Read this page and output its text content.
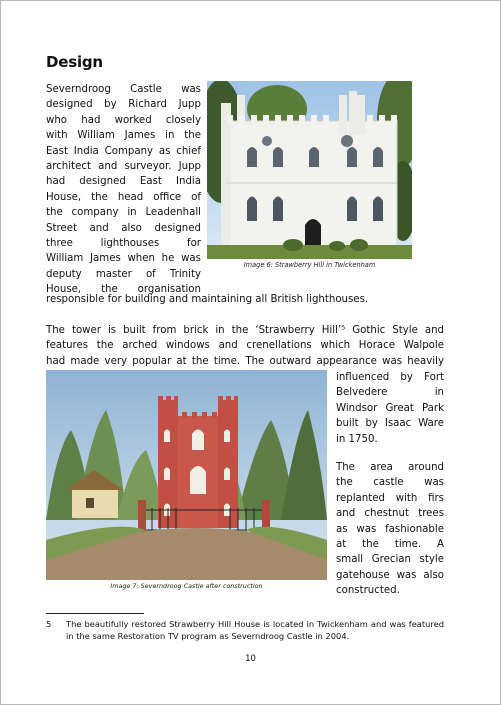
Design
Severndroog Castle was
designed by Richard Jupp
who had worked closely
with William James in the
East India Company as chief
architect and surveyor. Jupp
had designed East India
House, the head office of
the company in Leadenhall
Street and also designed
three lighthouses for
William James when he was
deputy master of Trinity
House, the organisation
responsible for building and maintaining all British lighthouses.
Image 6: Strawberry Hill in Twickenham
The tower is built from brick in the ‘Strawberry Hill’⁵ Gothic Style and
features the arched windows and crenellations which Horace Walpole
had made very popular at the time. The outward appearance was heavily
Image 7: Severndroog Castle after construction
influenced by Fort
Belvedere in
Windsor Great Park
built by Isaac Ware
in 1750.
The area around
the castle was
replanted with firs
and chestnut trees
as was fashionable
at the time. A
small Grecian style
gatehouse was also
constructed.
5 The beautifully restored Strawberry Hill House is located in Twickenham and was featured in the same Restoration TV program as Severndroog Castle in 2004.
10
